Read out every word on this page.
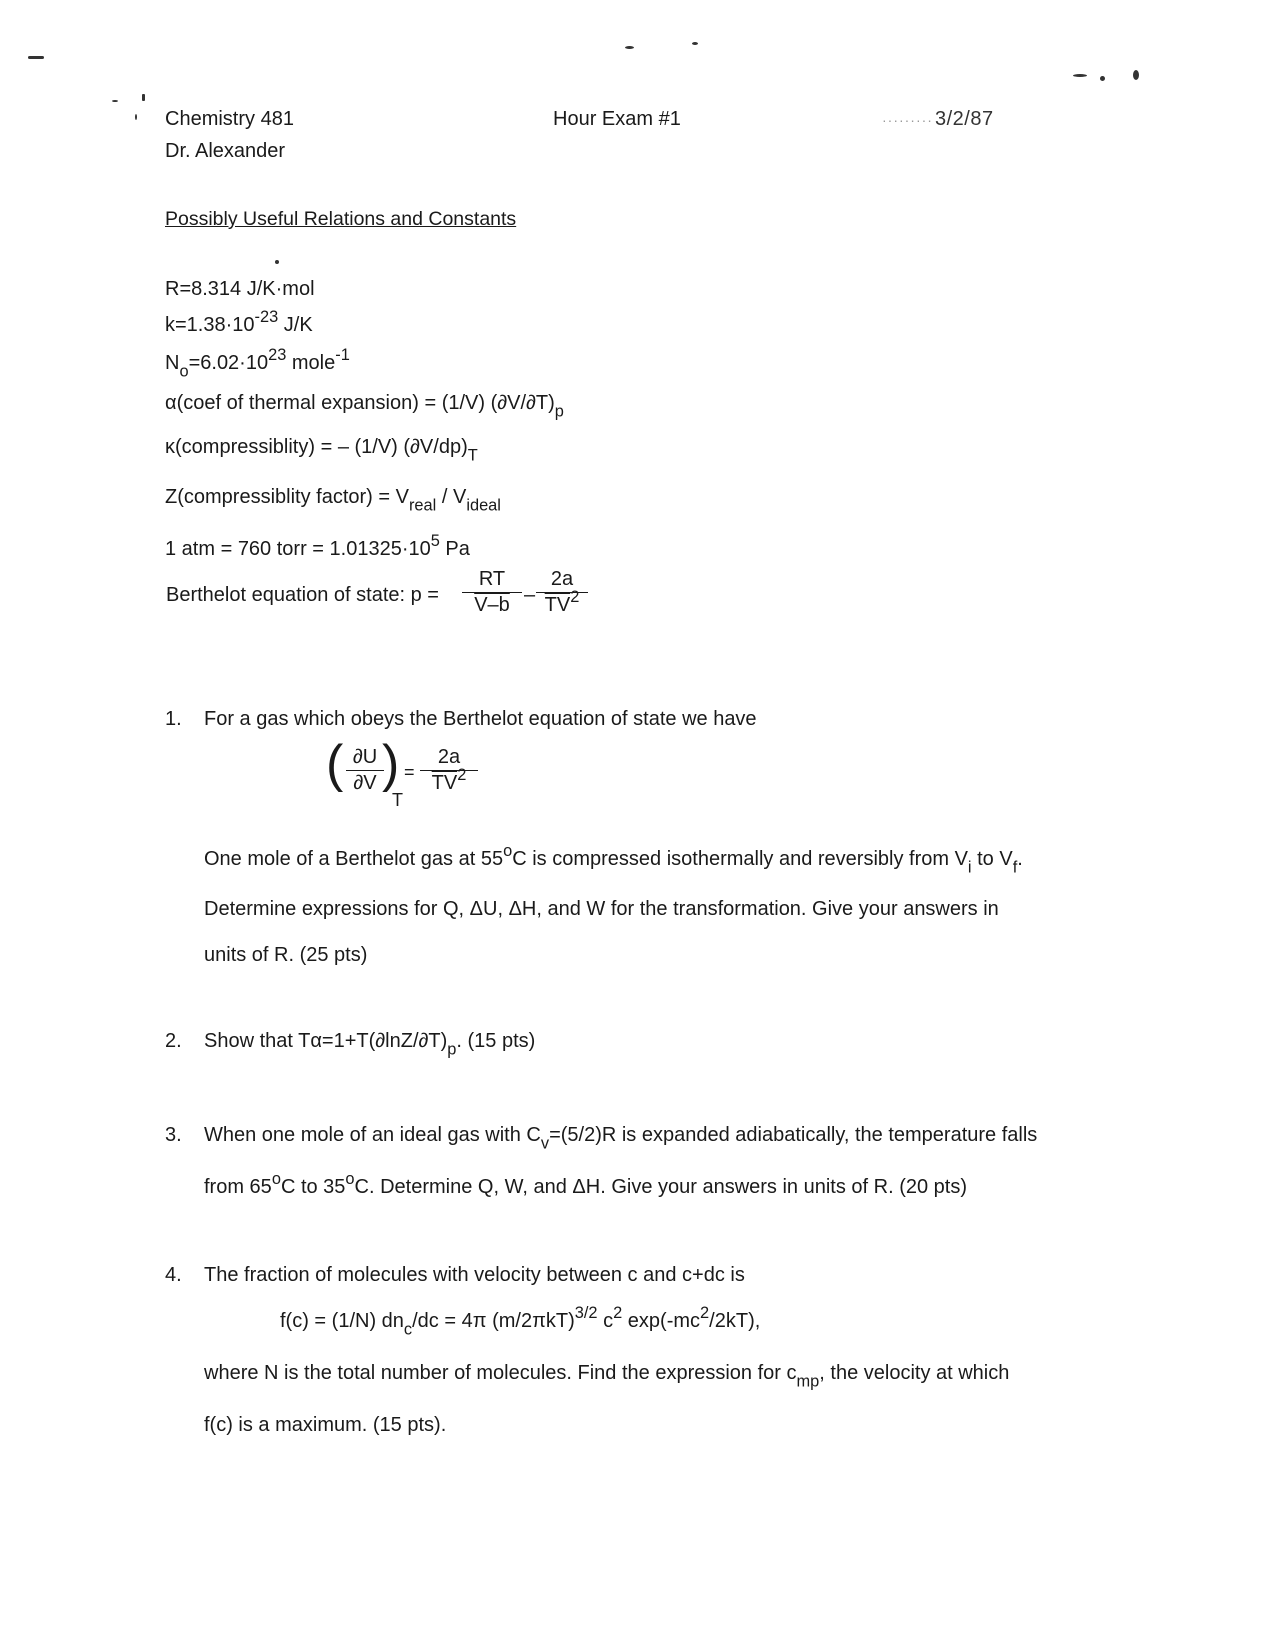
Chemistry 481	Hour Exam #1	········· 3/2/87
Dr. Alexander
Possibly Useful Relations and Constants
R=8.314 J/K·mol
$k=1.38\cdot 10^{-23}$ J/K
$N_o=6.02\cdot 10^{23}$ mole$^{-1}$
α(coef of thermal expansion) = (1/V) $(\partial V/\partial T)_p$
κ(compressiblity) = – (1/V) $(\partial V/dp)_T$
Z(compressiblity factor) = $V_{real} / V_{ideal}$
1 atm = 760 torr = $1.01325\cdot 10^5$ Pa
Berthelot equation of state: p =
RT
V–b –
2a
$\overline{TV}^2$
1. For a gas which obeys the Berthelot equation of state we have
( ∂U
∂V )
T
=
2a
$\overline{TV}^2$
One mole of a Berthelot gas at 55$^o$C is compressed isothermally and reversibly from $V_i$ to $V_f$.
Determine expressions for Q, ΔU, ΔH, and W for the transformation. Give your answers in
units of R. (25 pts)
2. Show that $T\alpha=1+T(\partial\ln Z/\partial T)_p$. (15 pts)
3. When one mole of an ideal gas with $C_v=(5/2)R$ is expanded adiabatically, the temperature falls
from 65$^o$C to 35$^o$C. Determine Q, W, and ΔH. Give your answers in units of R. (20 pts)
4. The fraction of molecules with velocity between c and c+dc is
f(c) = (1/N) $dn_c/dc = 4\pi$ $(m/2\pi kT)^{3/2}$ $c^2$ $\exp(-mc^2/2kT)$,
where N is the total number of molecules. Find the expression for $c_{mp}$, the velocity at which
f(c) is a maximum. (15 pts).
